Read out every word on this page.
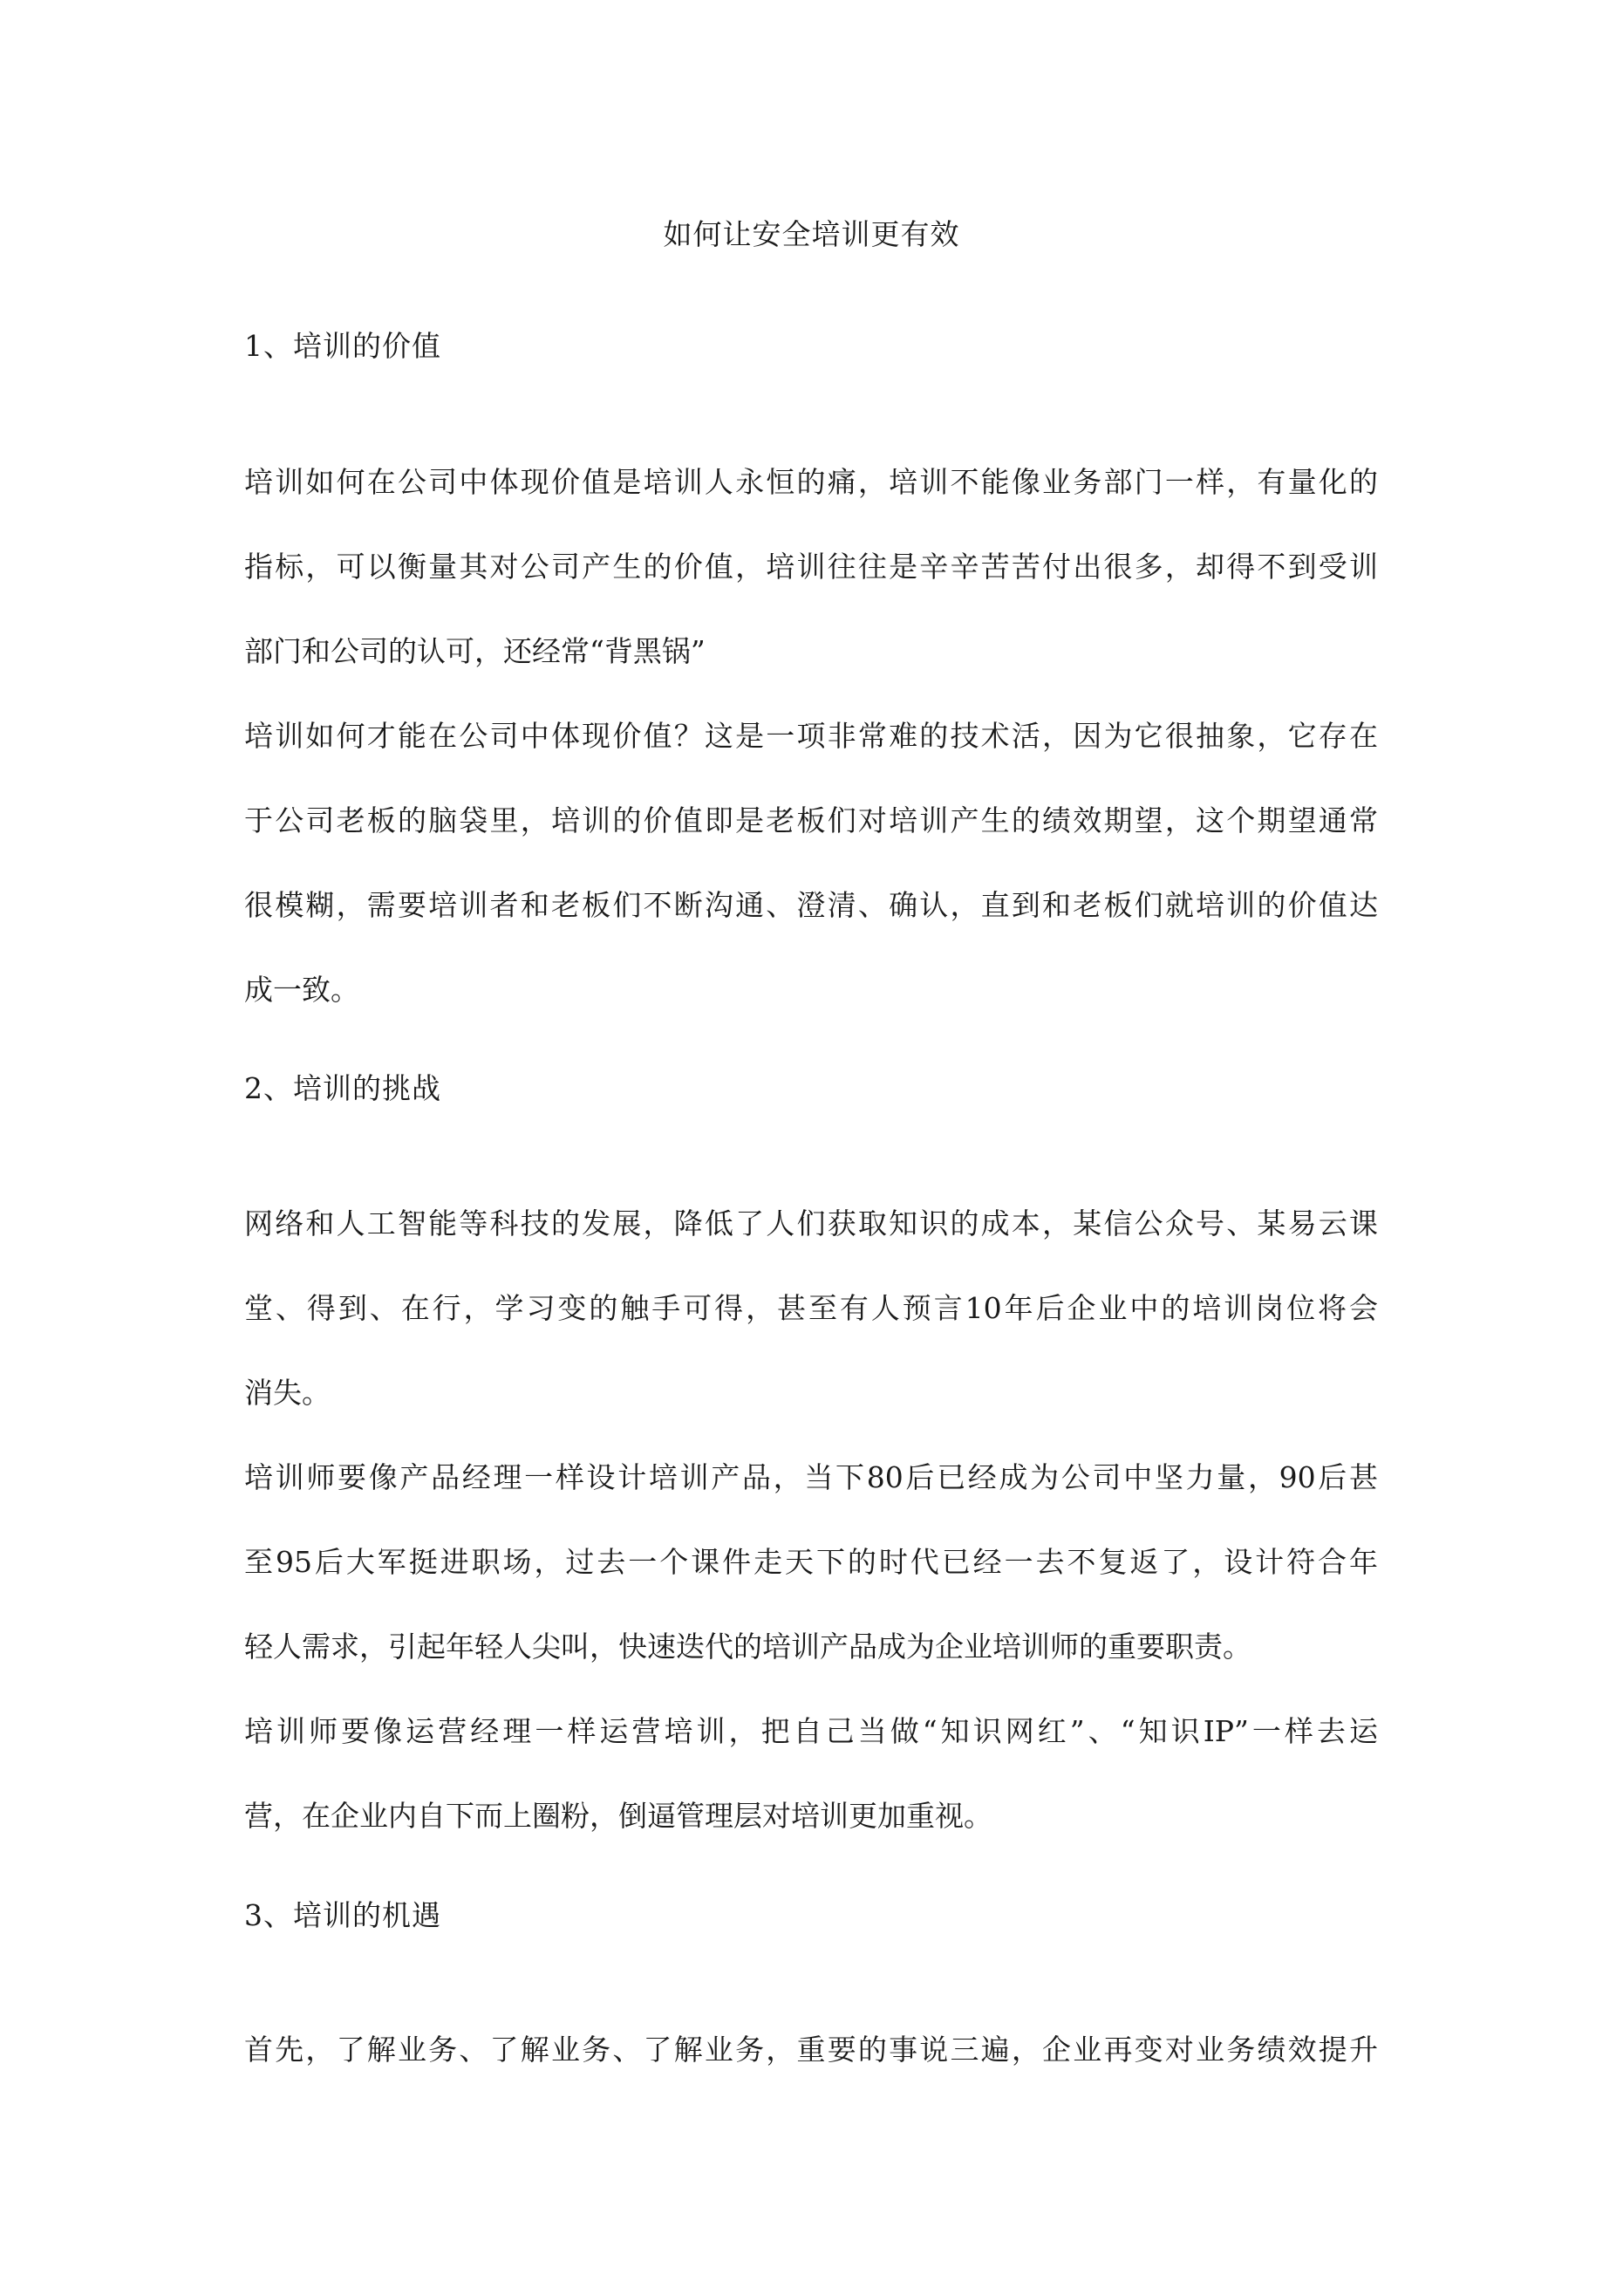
如何让安全培训更有效
1、培训的价值
培训如何在公司中体现价值是培训人永恒的痛，培训不能像业务部门一样，有量化的
指标，可以衡量其对公司产生的价值，培训往往是辛辛苦苦付出很多，却得不到受训
部门和公司的认可，还经常“背黑锅”
培训如何才能在公司中体现价值？这是一项非常难的技术活，因为它很抽象，它存在
于公司老板的脑袋里，培训的价值即是老板们对培训产生的绩效期望，这个期望通常
很模糊，需要培训者和老板们不断沟通、澄清、确认，直到和老板们就培训的价值达
成一致。
2、培训的挑战
网络和人工智能等科技的发展，降低了人们获取知识的成本，某信公众号、某易云课
堂、得到、在行，学习变的触手可得，甚至有人预言10年后企业中的培训岗位将会
消失。
培训师要像产品经理一样设计培训产品，当下80后已经成为公司中坚力量，90后甚
至95后大军挺进职场，过去一个课件走天下的时代已经一去不复返了，设计符合年
轻人需求，引起年轻人尖叫，快速迭代的培训产品成为企业培训师的重要职责。
培训师要像运营经理一样运营培训，把自己当做“知识网红”、“知识IP”一样去运
营，在企业内自下而上圈粉，倒逼管理层对培训更加重视。
3、培训的机遇
首先，了解业务、了解业务、了解业务，重要的事说三遍，企业再变对业务绩效提升
